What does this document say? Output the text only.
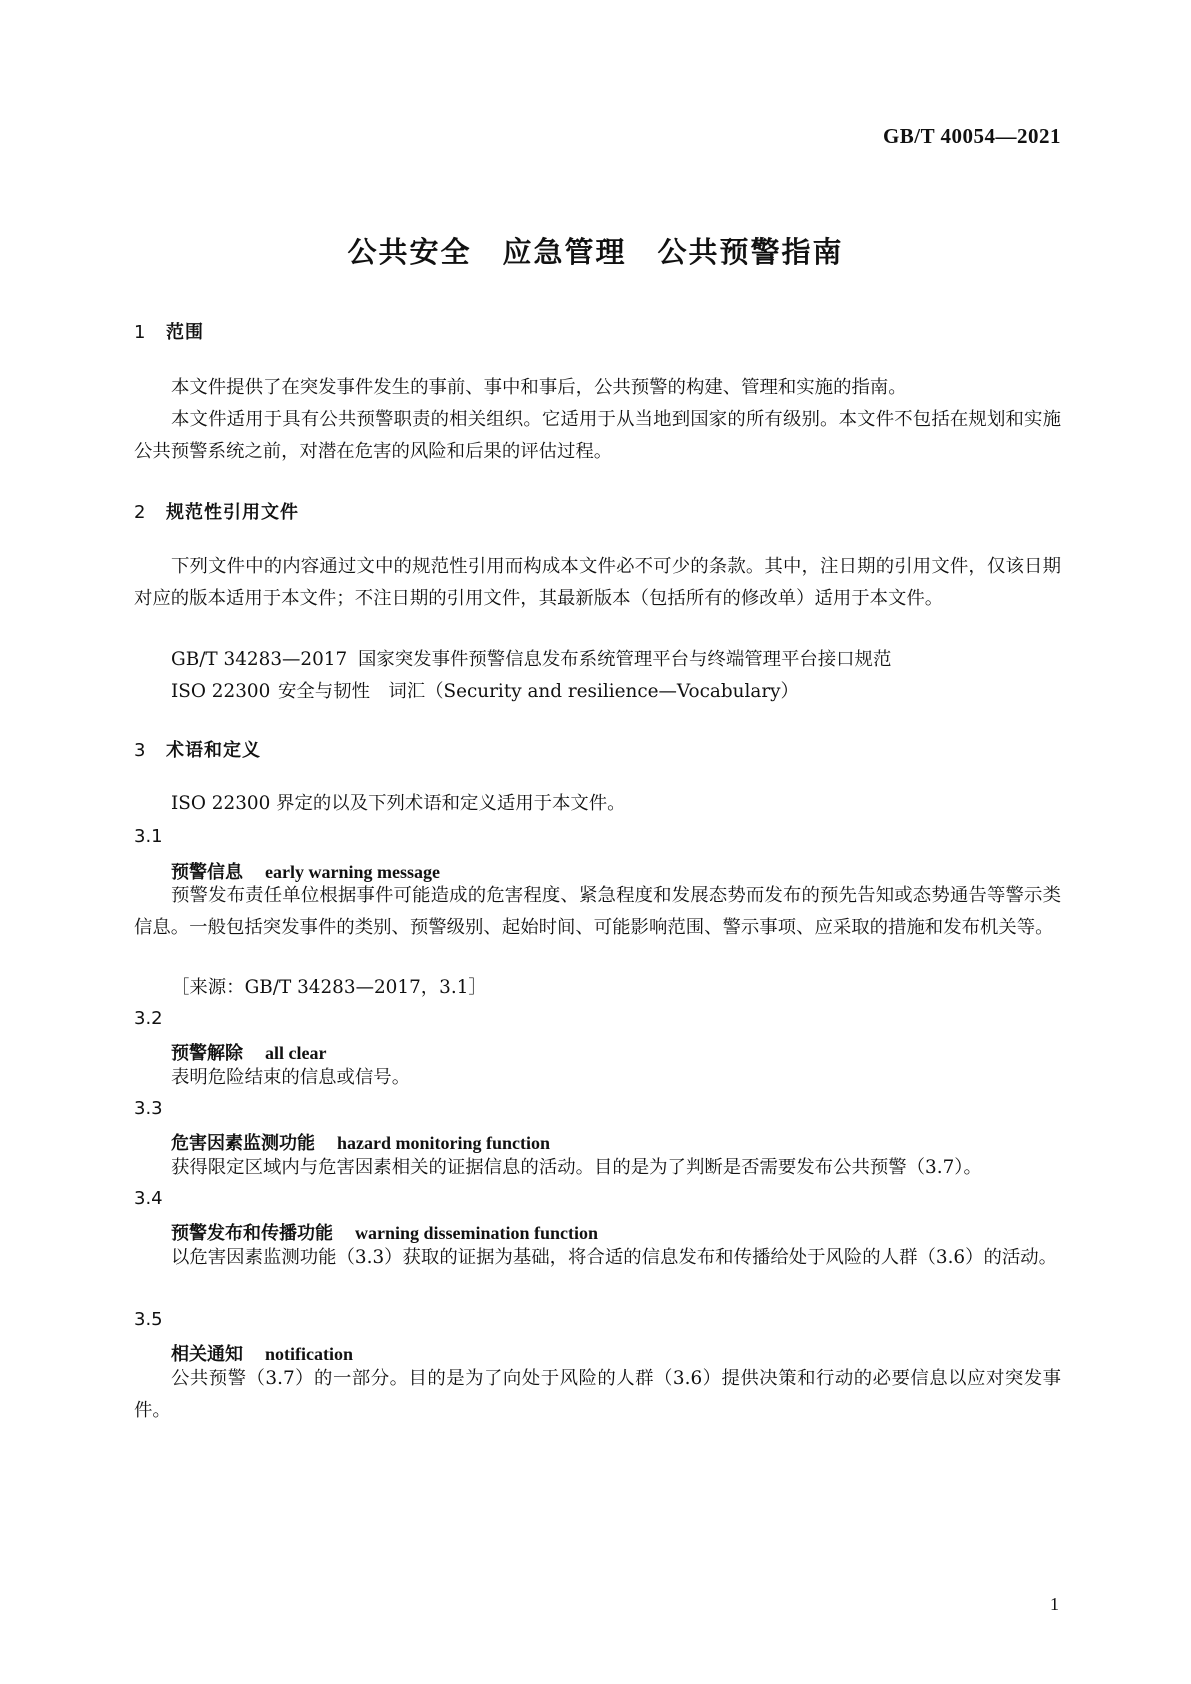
GB/T 40054—2021
公共安全　应急管理　公共预警指南
1 范围

本文件提供了在突发事件发生的事前、事中和事后，公共预警的构建、管理和实施的指南。

本文件适用于具有公共预警职责的相关组织。它适用于从当地到国家的所有级别。本文件不包括在规划和实施公共预警系统之前，对潜在危害的风险和后果的评估过程。

2 规范性引用文件

下列文件中的内容通过文中的规范性引用而构成本文件必不可少的条款。其中，注日期的引用文件，仅该日期对应的版本适用于本文件；不注日期的引用文件，其最新版本（包括所有的修改单）适用于本文件。

GB/T 34283—2017 国家突发事件预警信息发布系统管理平台与终端管理平台接口规范

ISO 22300 安全与韧性　词汇（Security and resilience—Vocabulary）

3 术语和定义

ISO 22300 界定的以及下列术语和定义适用于本文件。

3.1
预警信息 early warning message

预警发布责任单位根据事件可能造成的危害程度、紧急程度和发展态势而发布的预先告知或态势通告等警示类信息。一般包括突发事件的类别、预警级别、起始时间、可能影响范围、警示事项、应采取的措施和发布机关等。

［来源：GB/T 34283—2017，3.1］
3.2
预警解除 all clear

表明危险结束的信息或信号。

3.3
危害因素监测功能 hazard monitoring function

获得限定区域内与危害因素相关的证据信息的活动。目的是为了判断是否需要发布公共预警（3.7）。

3.4
预警发布和传播功能 warning dissemination function

以危害因素监测功能（3.3）获取的证据为基础，将合适的信息发布和传播给处于风险的人群（3.6）的活动。

3.5
相关通知 notification

公共预警（3.7）的一部分。目的是为了向处于风险的人群（3.6）提供决策和行动的必要信息以应对突发事件。

1
